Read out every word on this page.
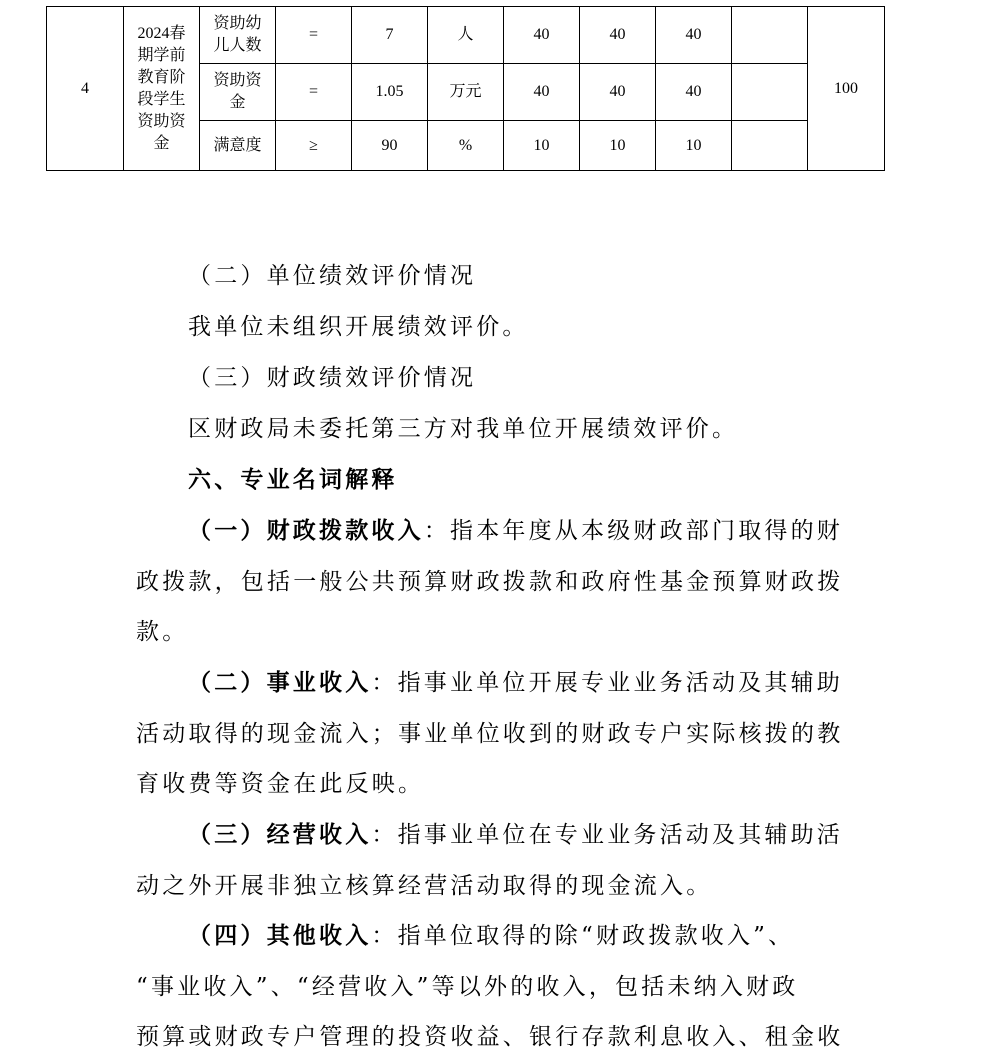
4	2024春期学前教育阶段学生资助资金	资助幼儿人数	=	7	人	40	40	40		100

		资助资金	=	1.05	万元	40	40	40		
		满意度	≥	90	%	10	10	10		

（二）单位绩效评价情况

我单位未组织开展绩效评价。

（三）财政绩效评价情况

区财政局未委托第三方对我单位开展绩效评价。

六、专业名词解释

（一）财政拨款收入：指本年度从本级财政部门取得的财

政拨款，包括一般公共预算财政拨款和政府性基金预算财政拨

款。

（二）事业收入：指事业单位开展专业业务活动及其辅助

活动取得的现金流入；事业单位收到的财政专户实际核拨的教

育收费等资金在此反映。

（三）经营收入：指事业单位在专业业务活动及其辅助活

动之外开展非独立核算经营活动取得的现金流入。

（四）其他收入：指单位取得的除“财政拨款收入”、

“事业收入”、“经营收入”等以外的收入，包括未纳入财政

预算或财政专户管理的投资收益、银行存款利息收入、租金收
